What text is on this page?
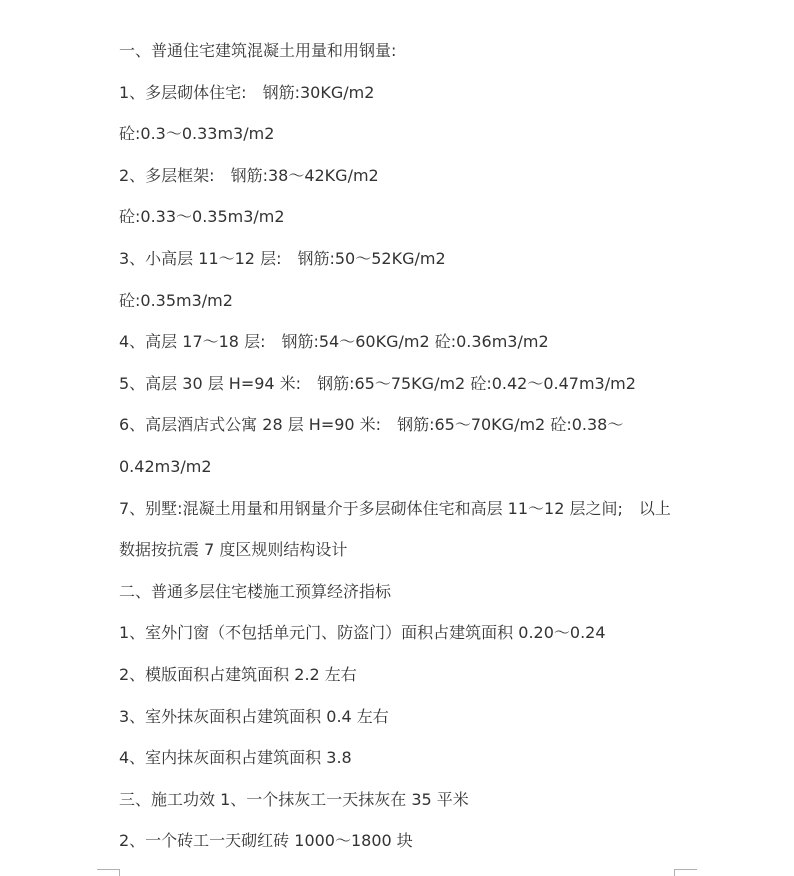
一、普通住宅建筑混凝土用量和用钢量:
1、多层砌体住宅:　钢筋:30KG/m2
砼:0.3～0.33m3/m2
2、多层框架:　钢筋:38～42KG/m2
砼:0.33～0.35m3/m2
3、小高层 11～12 层:　钢筋:50～52KG/m2
砼:0.35m3/m2
4、高层 17～18 层:　钢筋:54～60KG/m2 砼:0.36m3/m2
5、高层 30 层 H=94 米:　钢筋:65～75KG/m2 砼:0.42～0.47m3/m2
6、高层酒店式公寓 28 层 H=90 米:　钢筋:65～70KG/m2 砼:0.38～
0.42m3/m2
7、别墅:混凝土用量和用钢量介于多层砌体住宅和高层 11～12 层之间;　以上
数据按抗震 7 度区规则结构设计
二、普通多层住宅楼施工预算经济指标
1、室外门窗（不包括单元门、防盗门）面积占建筑面积 0.20～0.24
2、模版面积占建筑面积 2.2 左右
3、室外抹灰面积占建筑面积 0.4 左右
4、室内抹灰面积占建筑面积 3.8
三、施工功效 1、一个抹灰工一天抹灰在 35 平米
2、一个砖工一天砌红砖 1000～1800 块
